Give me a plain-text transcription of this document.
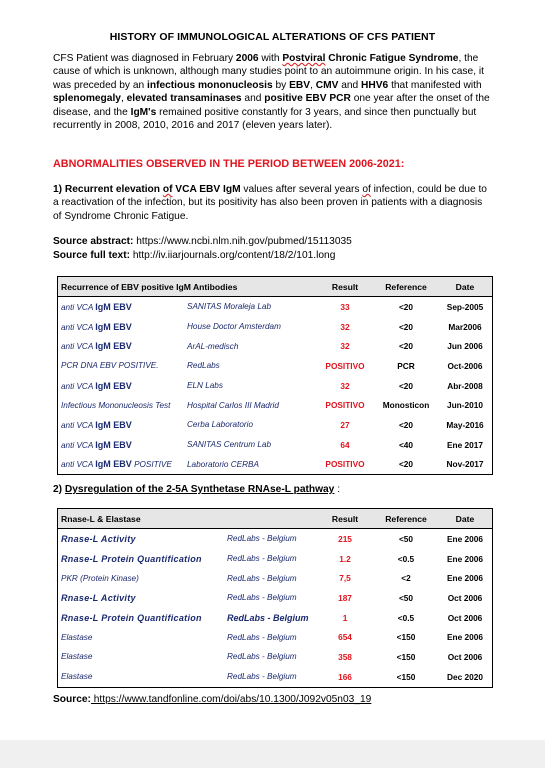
HISTORY OF IMMUNOLOGICAL ALTERATIONS OF CFS PATIENT
CFS Patient was diagnosed in February 2006 with Postviral Chronic Fatigue Syndrome, the cause of which is unknown, although many studies point to an autoimmune origin. In his case, it was preceded by an infectious mononucleosis by EBV, CMV and HHV6 that manifested with splenomegaly, elevated transaminases and positive EBV PCR one year after the onset of the disease, and the IgM's remained positive constantly for 3 years, and since then punctually but recurrently in 2008, 2010, 2016 and 2017 (eleven years later).
ABNORMALITIES OBSERVED IN THE PERIOD BETWEEN 2006-2021:
1) Recurrent elevation of VCA EBV IgM values after several years of infection, could be due to a reactivation of the infection, but its positivity has also been proven in patients with a diagnosis of Syndrome Chronic Fatigue.
Source abstract: https://www.ncbi.nlm.nih.gov/pubmed/15113035
Source full text: http://iv.iiarjournals.org/content/18/2/101.long
Recurrence of EBV positive IgM Antibodies		Result	Reference	Date
anti VCA IgM EBV	SANITAS Moraleja Lab	33	<20	Sep-2005
anti VCA IgM EBV	House Doctor Amsterdam	32	<20	Mar2006
anti VCA IgM EBV	ArAL-medisch	32	<20	Jun 2006
PCR DNA EBV POSITIVE.	RedLabs	POSITIVO	PCR	Oct-2006
anti VCA IgM EBV	ELN Labs	32	<20	Abr-2008
Infectious Mononucleosis Test	Hospital Carlos III Madrid	POSITIVO	Monosticon	Jun-2010
anti VCA IgM EBV	Cerba Laboratorio	27	<20	May-2016
anti VCA IgM EBV	SANITAS Centrum Lab	64	<40	Ene 2017
anti VCA IgM EBV POSITIVE	Laboratorio CERBA	POSITIVO	<20	Nov-2017
2) Dysregulation of the 2-5A Synthetase RNAse-L pathway :
Rnase-L & Elastase		Result	Reference	Date
Rnase-L Activity	RedLabs - Belgium	215	<50	Ene 2006
Rnase-L Protein Quantification	RedLabs - Belgium	1.2	<0.5	Ene 2006
PKR (Protein Kinase)	RedLabs - Belgium	7,5	<2	Ene 2006
Rnase-L Activity	RedLabs - Belgium	187	<50	Oct 2006
Rnase-L Protein Quantification	RedLabs - Belgium	1	<0.5	Oct 2006
Elastase	RedLabs - Belgium	654	<150	Ene 2006
Elastase	RedLabs - Belgium	358	<150	Oct 2006
Elastase	RedLabs - Belgium	166	<150	Dec 2020
Source: https://www.tandfonline.com/doi/abs/10.1300/J092v05n03_19
